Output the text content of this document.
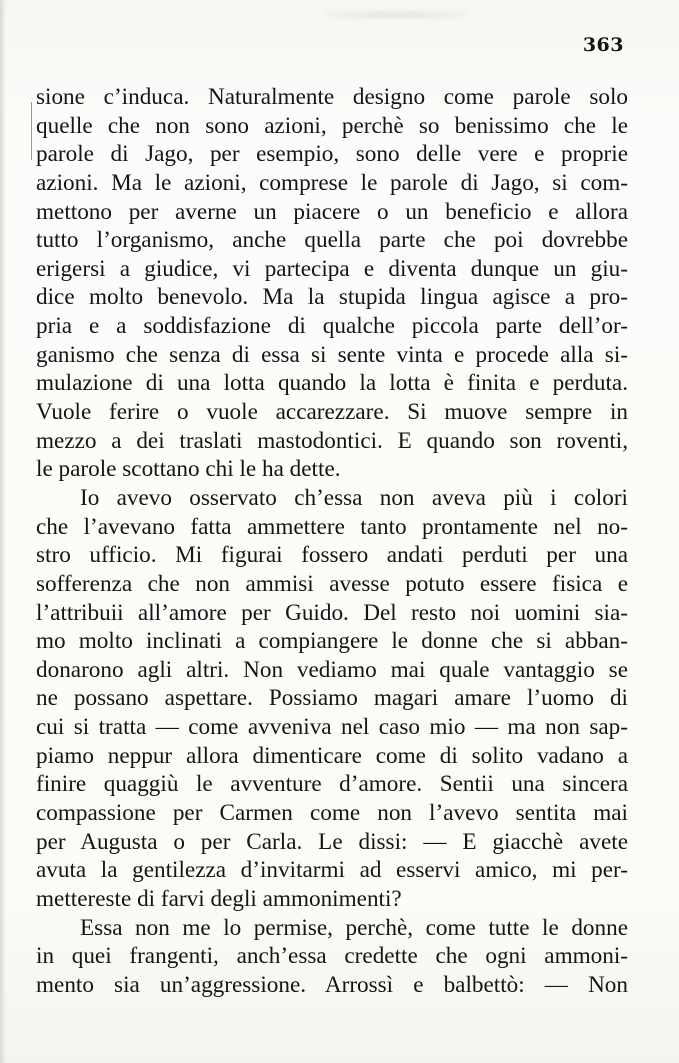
363
sione c’induca. Naturalmente designo come parole solo
quelle che non sono azioni, perchè so benissimo che le
parole di Jago, per esempio, sono delle vere e proprie
azioni. Ma le azioni, comprese le parole di Jago, si com-
mettono per averne un piacere o un beneficio e allora
tutto l’organismo, anche quella parte che poi dovrebbe
erigersi a giudice, vi partecipa e diventa dunque un giu-
dice molto benevolo. Ma la stupida lingua agisce a pro-
pria e a soddisfazione di qualche piccola parte dell’or-
ganismo che senza di essa si sente vinta e procede alla si-
mulazione di una lotta quando la lotta è finita e perduta.
Vuole ferire o vuole accarezzare. Si muove sempre in
mezzo a dei traslati mastodontici. E quando son roventi,
le parole scottano chi le ha dette.
Io avevo osservato ch’essa non aveva più i colori
che l’avevano fatta ammettere tanto prontamente nel no-
stro ufficio. Mi figurai fossero andati perduti per una
sofferenza che non ammisi avesse potuto essere fisica e
l’attribuii all’amore per Guido. Del resto noi uomini sia-
mo molto inclinati a compiangere le donne che si abban-
donarono agli altri. Non vediamo mai quale vantaggio se
ne possano aspettare. Possiamo magari amare l’uomo di
cui si tratta — come avveniva nel caso mio — ma non sap-
piamo neppur allora dimenticare come di solito vadano a
finire quaggiù le avventure d’amore. Sentii una sincera
compassione per Carmen come non l’avevo sentita mai
per Augusta o per Carla. Le dissi: — E giacchè avete
avuta la gentilezza d’invitarmi ad esservi amico, mi per-
mettereste di farvi degli ammonimenti?
Essa non me lo permise, perchè, come tutte le donne
in quei frangenti, anch’essa credette che ogni ammoni-
mento sia un’aggressione. Arrossì e balbettò: — Non
